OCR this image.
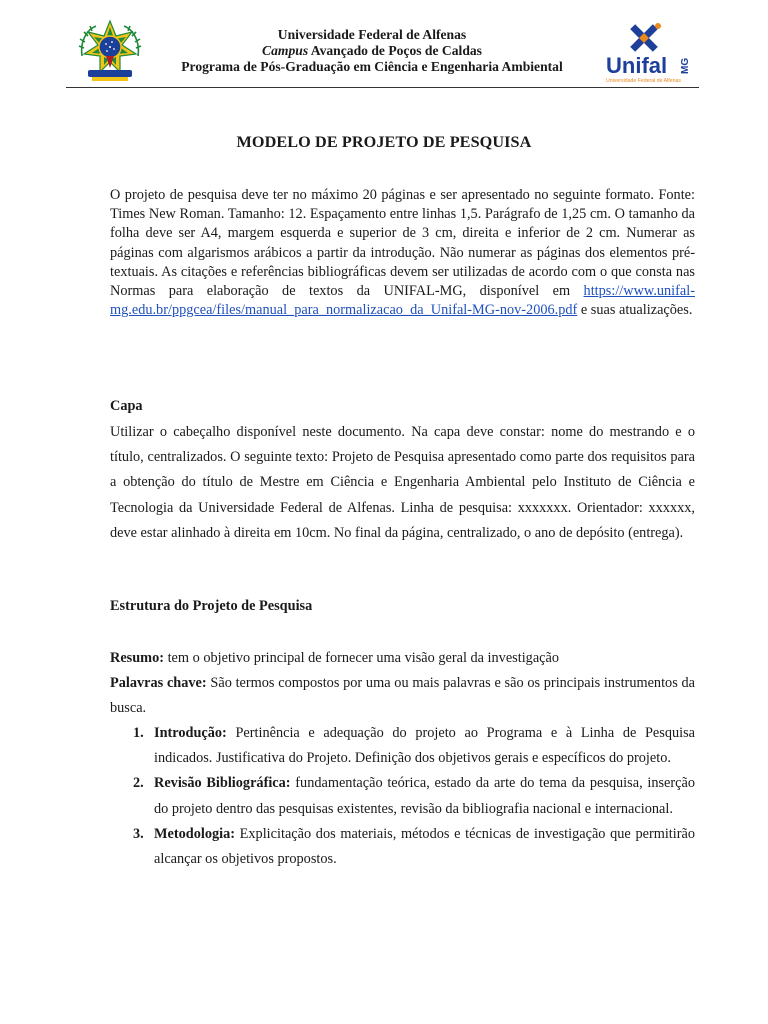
Universidade Federal de Alfenas
Campus Avançado de Poços de Caldas
Programa de Pós-Graduação em Ciência e Engenharia Ambiental	Unifal MG
Universidade Federal de Alfenas
MODELO DE PROJETO DE PESQUISA
O projeto de pesquisa deve ter no máximo 20 páginas e ser apresentado no seguinte formato. Fonte: Times New Roman. Tamanho: 12. Espaçamento entre linhas 1,5. Parágrafo de 1,25 cm. O tamanho da folha deve ser A4, margem esquerda e superior de 3 cm, direita e inferior de 2 cm. Numerar as páginas com algarismos arábicos a partir da introdução. Não numerar as páginas dos elementos pré-textuais. As citações e referências bibliográficas devem ser utilizadas de acordo com o que consta nas Normas para elaboração de textos da UNIFAL-MG, disponível em https://www.unifal-mg.edu.br/ppgcea/files/manual_para_normalizacao_da_Unifal-MG-nov-2006.pdf e suas atualizações.
Capa
Utilizar o cabeçalho disponível neste documento. Na capa deve constar: nome do mestrando e o título, centralizados. O seguinte texto: Projeto de Pesquisa apresentado como parte dos requisitos para a obtenção do título de Mestre em Ciência e Engenharia Ambiental pelo Instituto de Ciência e Tecnologia da Universidade Federal de Alfenas. Linha de pesquisa: xxxxxxx. Orientador: xxxxxx, deve estar alinhado à direita em 10cm. No final da página, centralizado, o ano de depósito (entrega).
Estrutura do Projeto de Pesquisa
Resumo: tem o objetivo principal de fornecer uma visão geral da investigação
Palavras chave: São termos compostos por uma ou mais palavras e são os principais instrumentos da busca.
1. Introdução: Pertinência e adequação do projeto ao Programa e à Linha de Pesquisa indicados. Justificativa do Projeto. Definição dos objetivos gerais e específicos do projeto.
2. Revisão Bibliográfica: fundamentação teórica, estado da arte do tema da pesquisa, inserção do projeto dentro das pesquisas existentes, revisão da bibliografia nacional e internacional.
3. Metodologia: Explicitação dos materiais, métodos e técnicas de investigação que permitirão alcançar os objetivos propostos.
